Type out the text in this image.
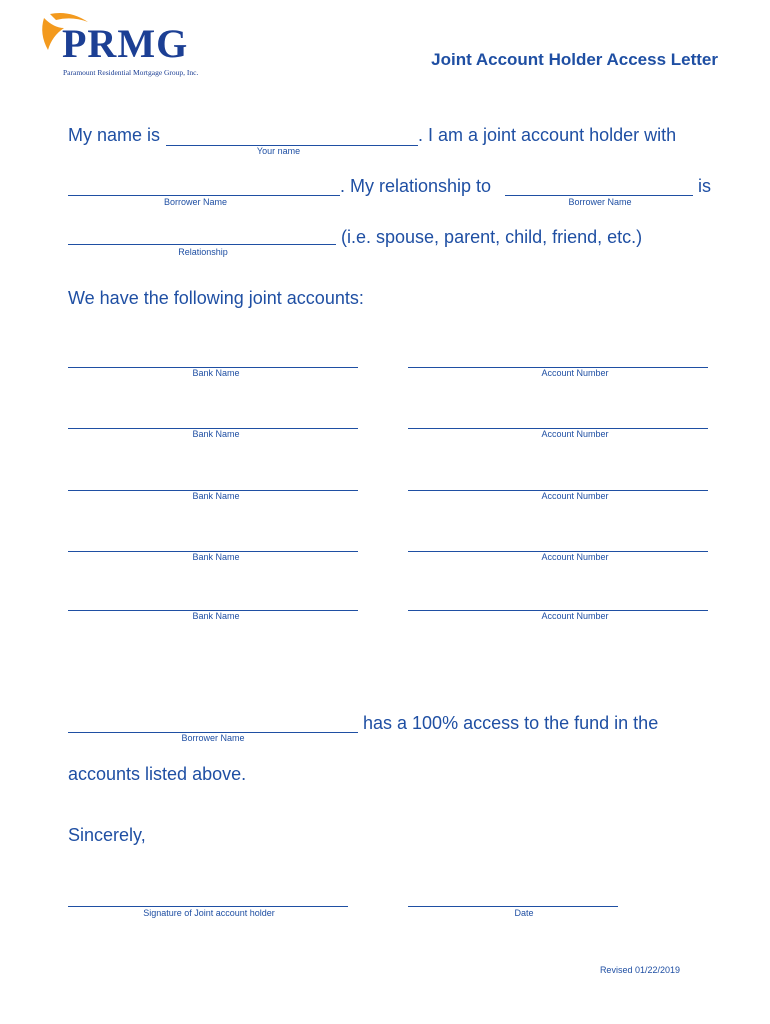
PRMG
Paramount Residential Mortgage Group, Inc.
Joint Account Holder Access Letter
My name is	. I am a joint account holder with
Your name
. My relationship to	is
Borrower Name	Borrower Name
(i.e. spouse, parent, child, friend, etc.)
Relationship
We have the following joint accounts:
Bank Name	Account Number
Bank Name	Account Number
Bank Name	Account Number
Bank Name	Account Number
Bank Name	Account Number
has a 100% access to the fund in the
Borrower Name
accounts listed above.
Sincerely,
Signature of Joint account holder	Date
Revised 01/22/2019
